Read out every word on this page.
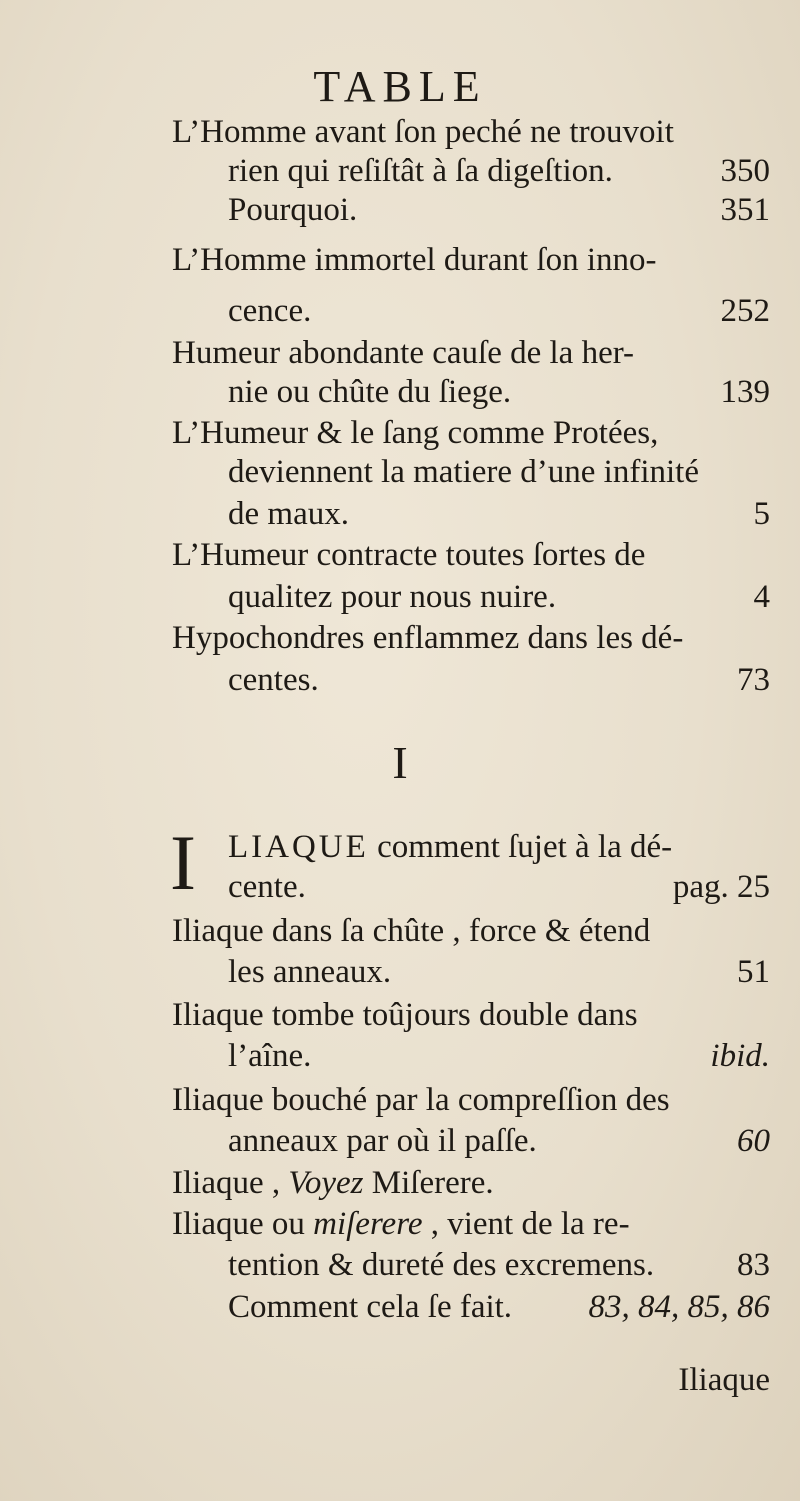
TABLE
L’Homme avant ſon peché ne trouvoit
rien qui reſiſtât à ſa digeſtion.	350
Pourquoi.	351
L’Homme immortel durant ſon inno-
cence.	252
Humeur abondante cauſe de la her-
nie ou chûte du ſiege.	139
L’Humeur & le ſang comme Protées,
deviennent la matiere d’une infinité
de maux.	5
L’Humeur contracte toutes ſortes de
qualitez pour nous nuire.	4
Hypochondres enflammez dans les dé-
centes.	73
I
I LIAQUE comment ſujet à la dé-
cente.	pag. 25
Iliaque dans ſa chûte , force & étend
les anneaux.	51
Iliaque tombe toûjours double dans
l’aîne.	ibid.
Iliaque bouché par la compreſſion des
anneaux par où il paſſe.	60
Iliaque , Voyez Miſerere.
Iliaque ou miſerere , vient de la re-
tention & dureté des excremens.	83
Comment cela ſe fait. 83, 84, 85, 86
Iliaque
